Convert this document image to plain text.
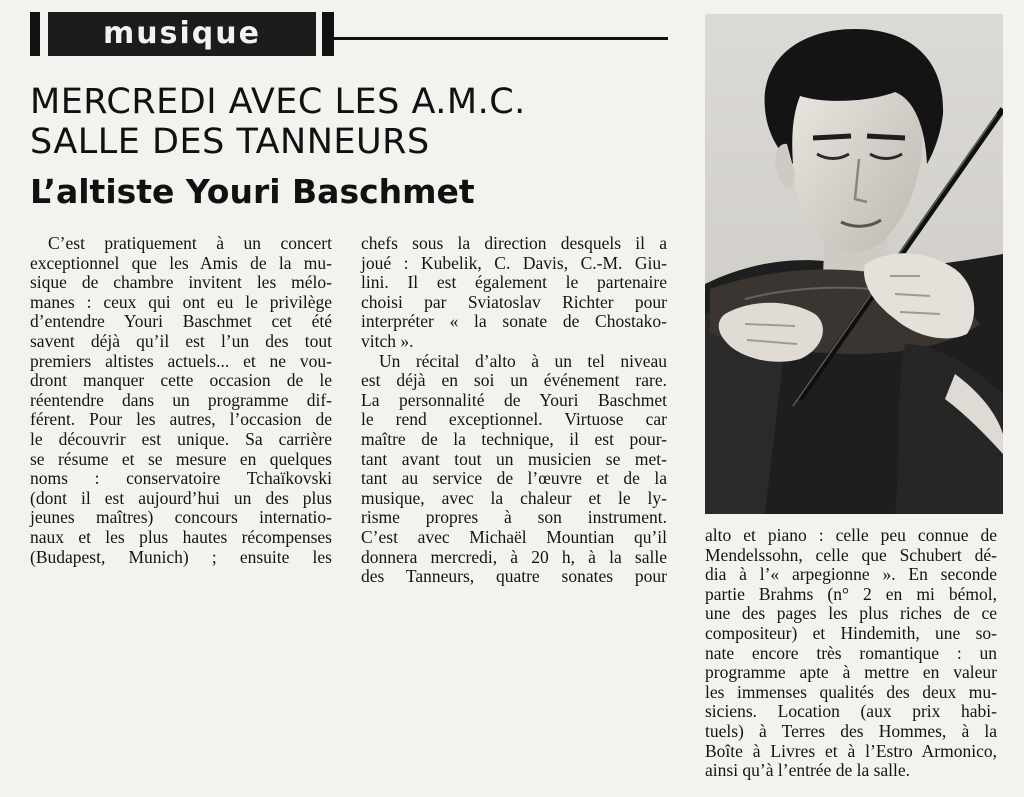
musique
MERCREDI AVEC LES A.M.C.
SALLE DES TANNEURS
L’altiste Youri Baschmet
C’est pratiquement à un concert
exceptionnel que les Amis de la mu-
sique de chambre invitent les mélo-
manes : ceux qui ont eu le privilège
d’entendre Youri Baschmet cet été
savent déjà qu’il est l’un des tout
premiers altistes actuels... et ne vou-
dront manquer cette occasion de le
réentendre dans un programme dif-
férent. Pour les autres, l’occasion de
le découvrir est unique. Sa carrière
se résume et se mesure en quelques
noms : conservatoire Tchaïkovski
(dont il est aujourd’hui un des plus
jeunes maîtres) concours internatio-
naux et les plus hautes récompenses
(Budapest, Munich) ; ensuite les
chefs sous la direction desquels il a
joué : Kubelik, C. Davis, C.-M. Giu-
lini. Il est également le partenaire
choisi par Sviatoslav Richter pour
interpréter « la sonate de Chostako-
vitch ».
Un récital d’alto à un tel niveau
est déjà en soi un événement rare.
La personnalité de Youri Baschmet
le rend exceptionnel. Virtuose car
maître de la technique, il est pour-
tant avant tout un musicien se met-
tant au service de l’œuvre et de la
musique, avec la chaleur et le ly-
risme propres à son instrument.
C’est avec Michaël Mountian qu’il
donnera mercredi, à 20 h, à la salle
des Tanneurs, quatre sonates pour
alto et piano : celle peu connue de
Mendelssohn, celle que Schubert dé-
dia à l’« arpegionne ». En seconde
partie Brahms (n° 2 en mi bémol,
une des pages les plus riches de ce
compositeur) et Hindemith, une so-
nate encore très romantique : un
programme apte à mettre en valeur
les immenses qualités des deux mu-
siciens. Location (aux prix habi-
tuels) à Terres des Hommes, à la
Boîte à Livres et à l’Estro Armonico,
ainsi qu’à l’entrée de la salle.
